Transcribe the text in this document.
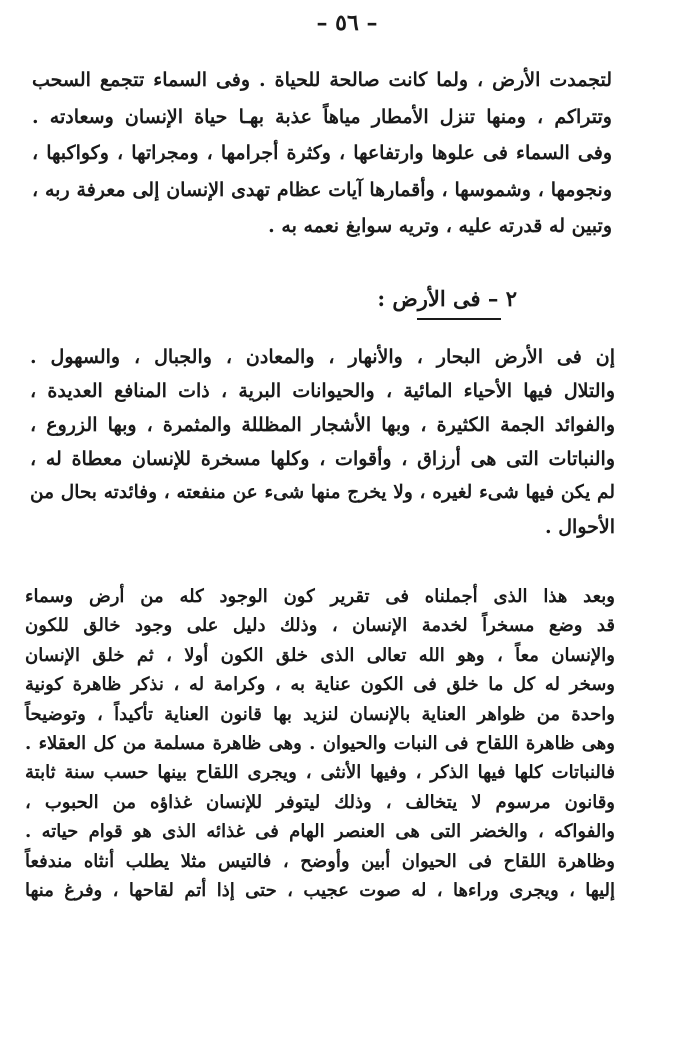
– ٥٦ –
لتجمدت الأرض ، ولما كانت صالحة للحياة . وفى السماء تتجمع السحب
وتتراكم ، ومنها تنزل الأمطار مياهاً عذبة بهـا حياة الإنسان وسعادته .
وفى السماء فى علوها وارتفاعها ، وكثرة أجرامها ، ومجراتها ، وكواكبها ،
ونجومها ، وشموسها ، وأقمارها آيات عظام تهدى الإنسان إلى معرفة ربه ،
وتبين له قدرته عليه ، وتريه سوابغ نعمه به .
٢ – فى الأرض :
إن فى الأرض البحار ، والأنهار ، والمعادن ، والجبال ، والسهول .
والتلال فيها الأحياء المائية ، والحيوانات البرية ، ذات المنافع العديدة ،
والفوائد الجمة الكثيرة ، وبها الأشجار المظللة والمثمرة ، وبها الزروع ،
والنباتات التى هى أرزاق ، وأقوات ، وكلها مسخرة للإنسان معطاة له ،
لم يكن فيها شىء لغيره ، ولا يخرج منها شىء عن منفعته ، وفائدته بحال من
الأحوال .
وبعد هذا الذى أجملناه فى تقرير كون الوجود كله من أرض وسماء
قد وضع مسخراً لخدمة الإنسان ، وذلك دليل على وجود خالق للكون
والإنسان معاً ، وهو الله تعالى الذى خلق الكون أولا ، ثم خلق الإنسان
وسخر له كل ما خلق فى الكون عناية به ، وكرامة له ، نذكر ظاهرة كونية
واحدة من ظواهر العناية بالإنسان لنزيد بها قانون العناية تأكيداً ، وتوضيحاً
وهى ظاهرة اللقاح فى النبات والحيوان . وهى ظاهرة مسلمة من كل العقلاء .
فالنباتات كلها فيها الذكر ، وفيها الأنثى ، ويجرى اللقاح بينها حسب سنة ثابتة
وقانون مرسوم لا يتخالف ، وذلك ليتوفر للإنسان غذاؤه من الحبوب ،
والفواكه ، والخضر التى هى العنصر الهام فى غذائه الذى هو قوام حياته .
وظاهرة اللقاح فى الحيوان أبين وأوضح ، فالتيس مثلا يطلب أنثاه مندفعاً
إليها ، ويجرى وراءها ، له صوت عجيب ، حتى إذا أتم لقاحها ، وفرغ منها
